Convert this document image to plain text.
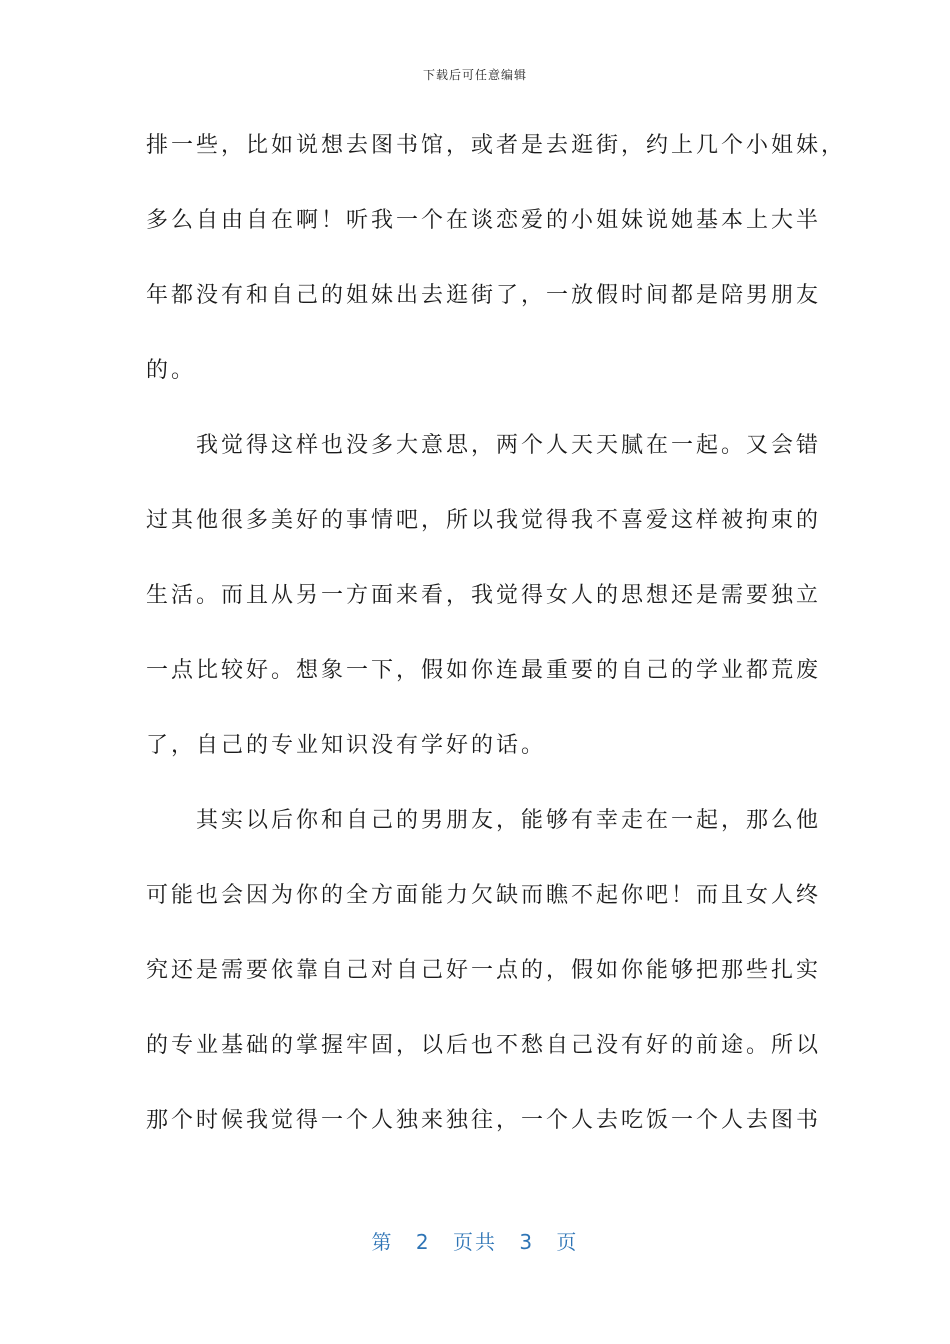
下载后可任意编辑
排一些，比如说想去图书馆，或者是去逛街，约上几个小姐妹，
多么自由自在啊！听我一个在谈恋爱的小姐妹说她基本上大半
年都没有和自己的姐妹出去逛街了，一放假时间都是陪男朋友
的。
　　我觉得这样也没多大意思，两个人天天腻在一起。又会错
过其他很多美好的事情吧，所以我觉得我不喜爱这样被拘束的
生活。而且从另一方面来看，我觉得女人的思想还是需要独立
一点比较好。想象一下，假如你连最重要的自己的学业都荒废
了，自己的专业知识没有学好的话。
　　其实以后你和自己的男朋友，能够有幸走在一起，那么他
可能也会因为你的全方面能力欠缺而瞧不起你吧！而且女人终
究还是需要依靠自己对自己好一点的，假如你能够把那些扎实
的专业基础的掌握牢固，以后也不愁自己没有好的前途。所以
那个时候我觉得一个人独来独往，一个人去吃饭一个人去图书
第 2 页共 3 页
